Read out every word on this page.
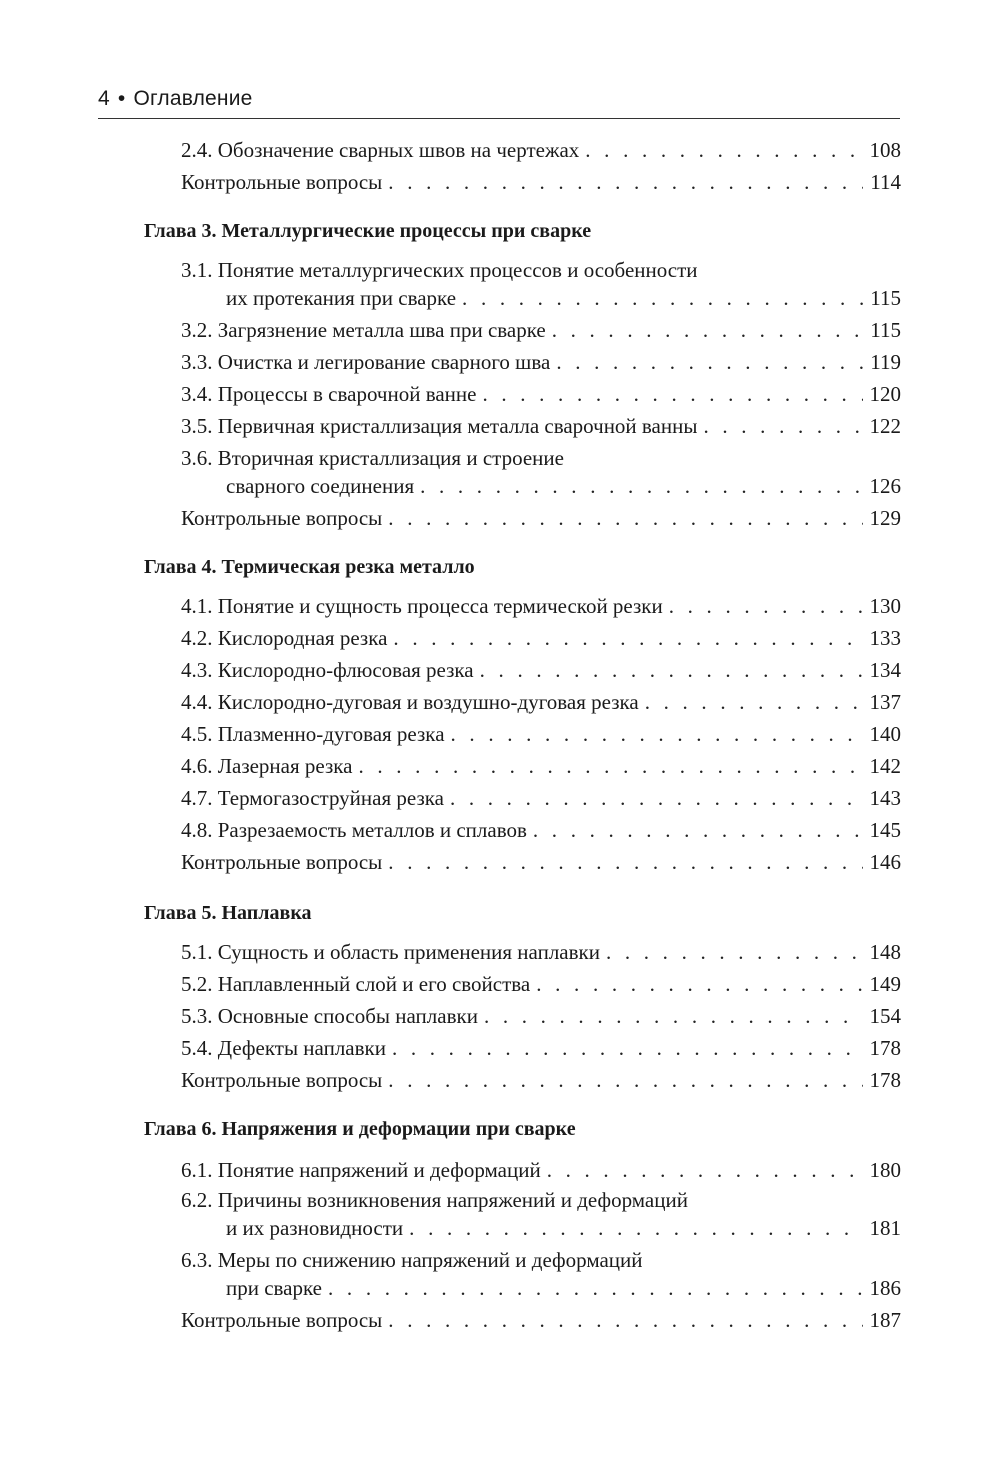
4 • Оглавление
2.4. Обозначение сварных швов на чертежах . . .	108
Контрольные вопросы . . .	114
Глава 3. Металлургические процессы при сварке
3.1. Понятие металлургических процессов и особенности
их протекания при сварке . . .	115
3.2. Загрязнение металла шва при сварке . . .	115
3.3. Очистка и легирование сварного шва . . .	119
3.4. Процессы в сварочной ванне . . .	120
3.5. Первичная кристаллизация металла сварочной ванны . . .	122
3.6. Вторичная кристаллизация и строение
сварного соединения . . .	126
Контрольные вопросы . . .	129
Глава 4. Термическая резка металло
4.1. Понятие и сущность процесса термической резки . . .	130
4.2. Кислородная резка . . .	133
4.3. Кислородно-флюсовая резка . . .	134
4.4. Кислородно-дуговая и воздушно-дуговая резка . . .	137
4.5. Плазменно-дуговая резка . . .	140
4.6. Лазерная резка . . .	142
4.7. Термогазоструйная резка . . .	143
4.8. Разрезаемость металлов и сплавов . . .	145
Контрольные вопросы . . .	146
Глава 5. Наплавка
5.1. Сущность и область применения наплавки . . .	148
5.2. Наплавленный слой и его свойства . . .	149
5.3. Основные способы наплавки . . .	154
5.4. Дефекты наплавки . . .	178
Контрольные вопросы . . .	178
Глава 6. Напряжения и деформации при сварке
6.1. Понятие напряжений и деформаций . . .	180
6.2. Причины возникновения напряжений и деформаций
и их разновидности . . .	181
6.3. Меры по снижению напряжений и деформаций
при сварке . . .	186
Контрольные вопросы . . .	187
